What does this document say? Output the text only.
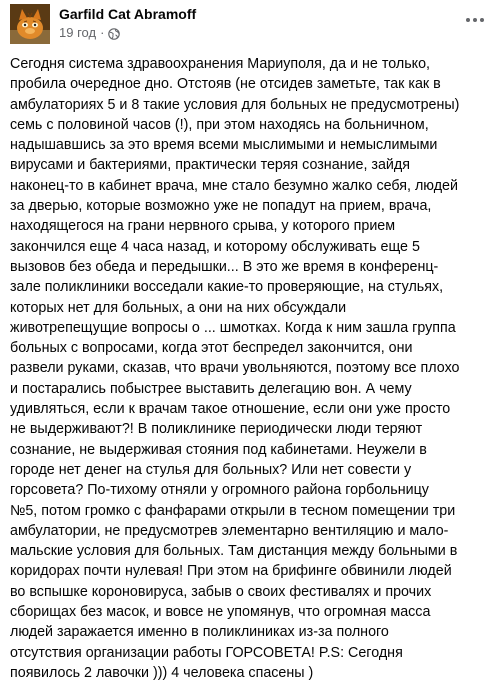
Garfild Cat Abramoff
19 год ·
Сегодня система здравоохранения Мариуполя, да и не только,
пробила очередное дно. Отстояв (не отсидев заметьте, так как в
амбулаториях 5 и 8 такие условия для больных не предусмотрены)
семь с половиной часов (!), при этом находясь на больничном,
надышавшись за это время всеми мыслимыми и немыслимыми
вирусами и бактериями, практически теряя сознание, зайдя
наконец-то в кабинет врача, мне стало безумно жалко себя, людей
за дверью, которые возможно уже не попадут на прием, врача,
находящегося на грани нервного срыва, у которого прием
закончился еще 4 часа назад, и которому обслуживать еще 5
вызовов без обеда и передышки... В это же время в конференц-
зале поликлиники восседали какие-то проверяющие, на стульях,
которых нет для больных, а они на них обсуждали
животрепещущие вопросы о ... шмотках. Когда к ним зашла группа
больных с вопросами, когда этот беспредел закончится, они
развели руками, сказав, что врачи увольняются, поэтому все плохо
и постарались побыстрее выставить делегацию вон. А чему
удивляться, если к врачам такое отношение, если они уже просто
не выдерживают?! В поликлинике периодически люди теряют
сознание, не выдерживая стояния под кабинетами. Неужели в
городе нет денег на стулья для больных? Или нет совести у
горсовета? По-тихому отняли у огромного района горбольницу
№5, потом громко с фанфарами открыли в тесном помещении три
амбулатории, не предусмотрев элементарно вентиляцию и мало-
мальские условия для больных. Там дистанция между больными в
коридорах почти нулевая! При этом на брифинге обвинили людей
во вспышке короновируса, забыв о своих фестивалях и прочих
сборищах без масок, и вовсе не упомянув, что огромная масса
людей заражается именно в поликлиниках из-за полного
отсутствия организации работы ГОРСОВЕТА! P.S: Сегодня
появилось 2 лавочки ))) 4 человека спасены )
